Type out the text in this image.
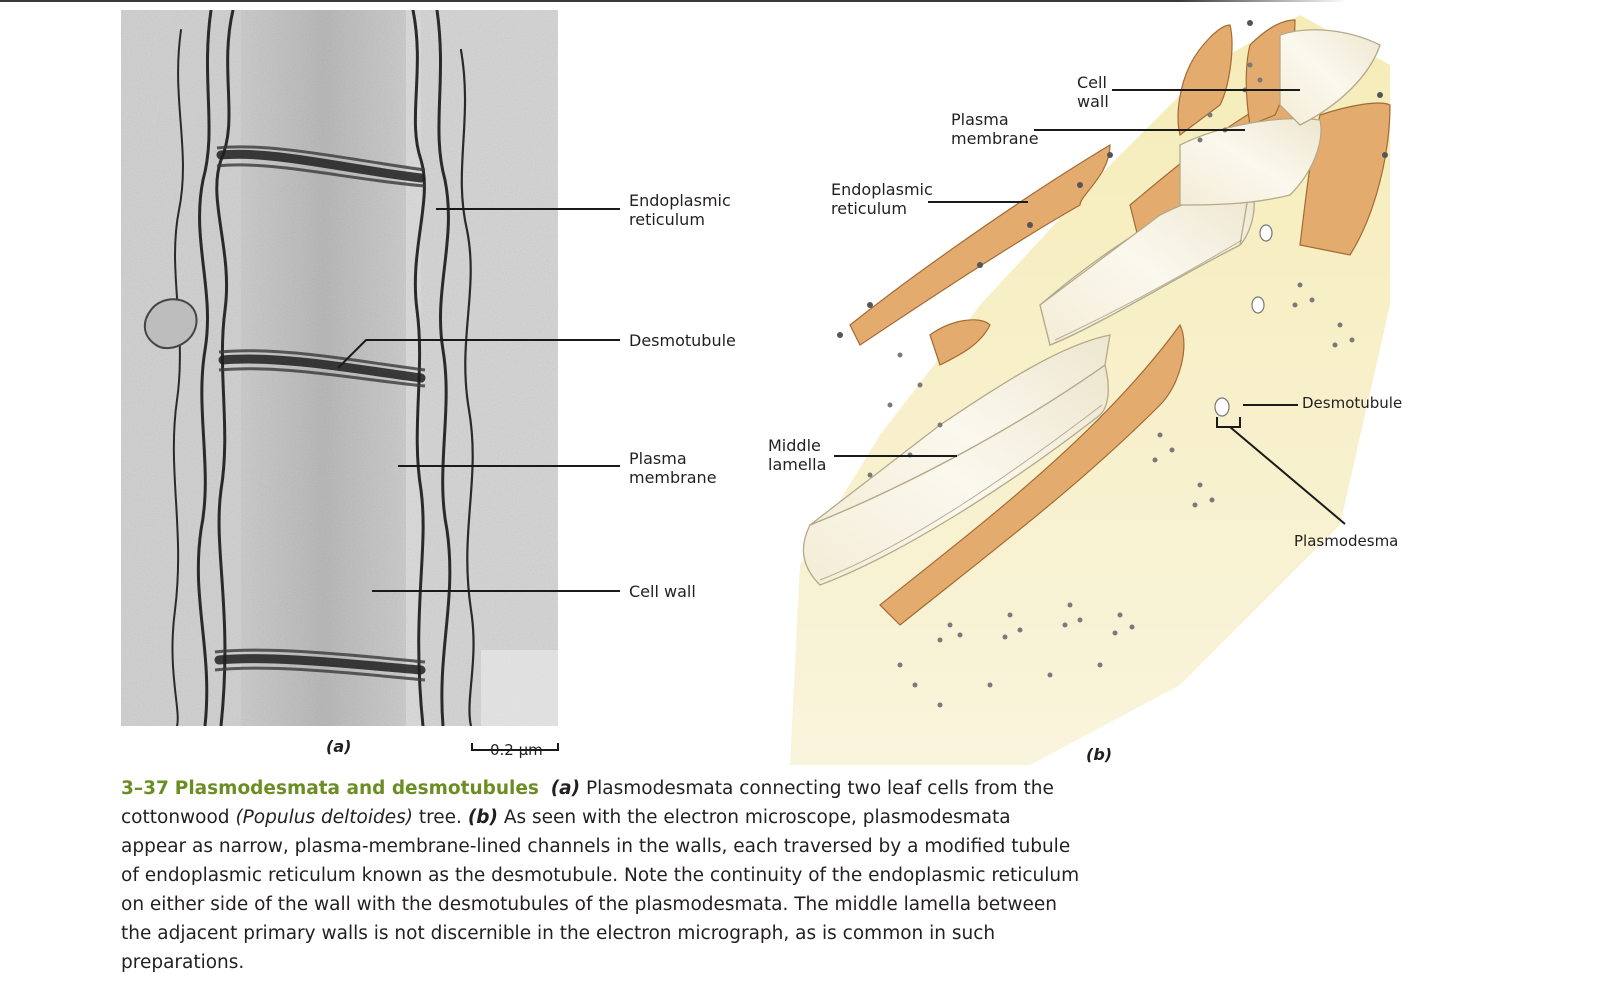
Endoplasmic
reticulum
Desmotubule
Plasma
membrane
Cell wall
(a)	0.2 μm
Cell
wall
Plasma
membrane
Endoplasmic
reticulum
Middle
lamella
Desmotubule
Plasmodesma
(b)
3–37 Plasmodesmata and desmotubules (a) Plasmodesmata connecting two leaf cells from the cottonwood (Populus deltoides) tree. (b) As seen with the electron microscope, plasmodesmata appear as narrow, plasma-membrane-lined channels in the walls, each traversed by a modified tubule of endoplasmic reticulum known as the desmotubule. Note the continuity of the endoplasmic reticulum on either side of the wall with the desmotubules of the plasmodesmata. The middle lamella between the adjacent primary walls is not discernible in the electron micrograph, as is common in such preparations.
